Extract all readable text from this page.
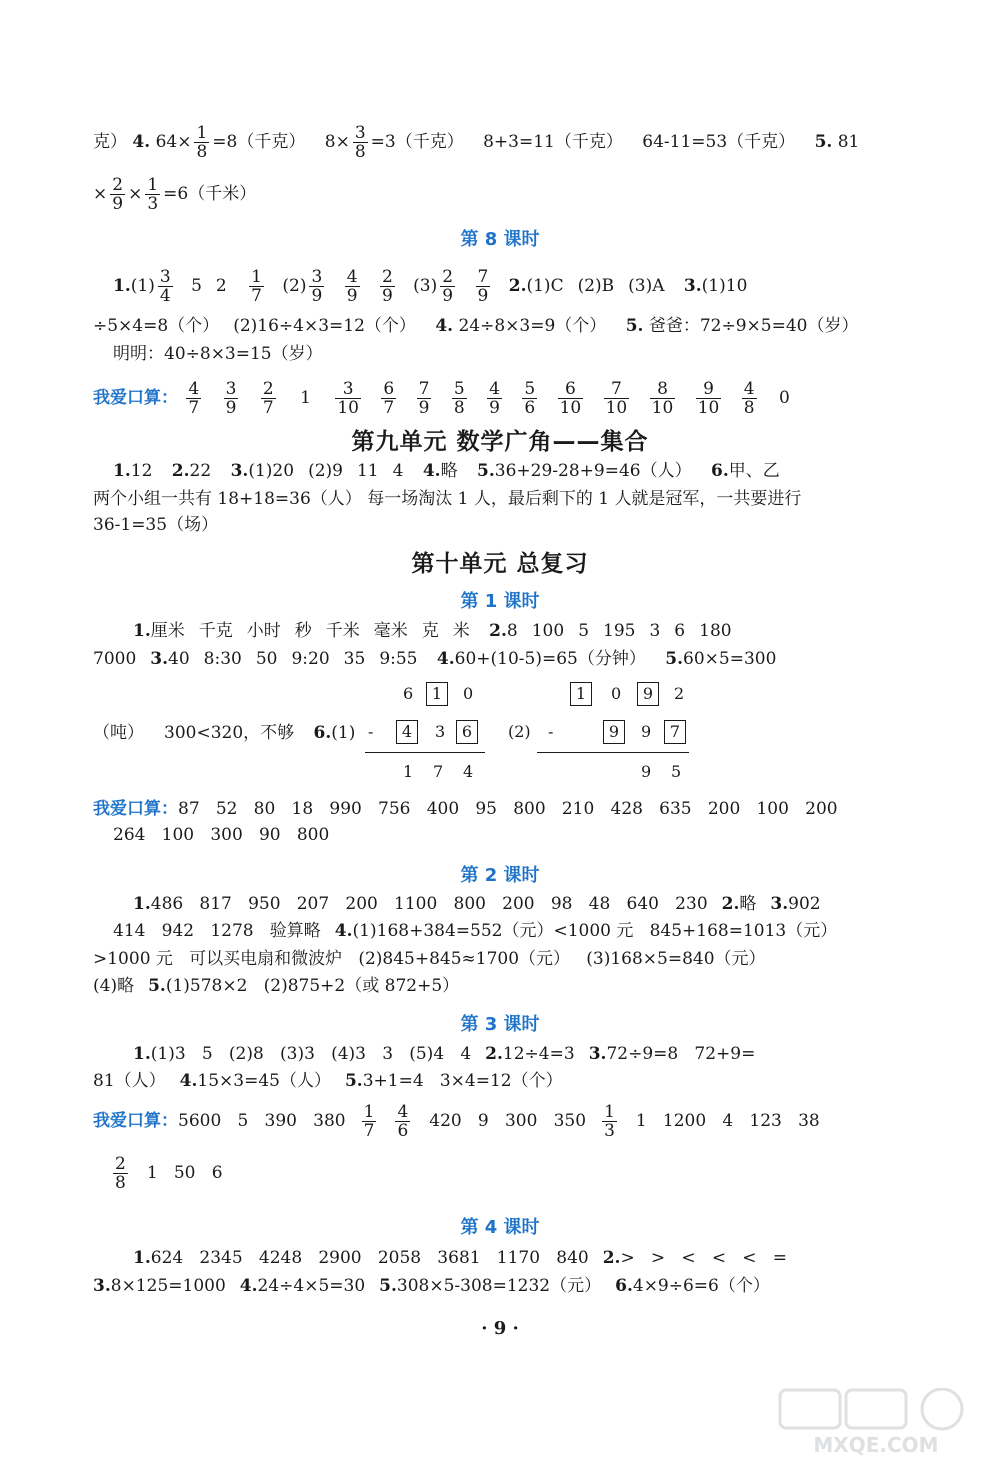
克） 4. $64\times \frac{1}{8} =8$（千克） $8\times \frac{3}{8} =3$（千克） 8+3=11（千克） 64-11=53（千克） 5. 81
× $\frac{2}{9} \times \frac{1}{3} =6$（千米）
第 8 课时
$1.(1) \frac{3}{4} 5$ $2 \frac{1}{7} (2) \frac{3}{9}$
$\frac{4}{9}$
$\frac{2}{9} (3) \frac{2}{9}$
$\frac{7}{9} 2.(1)C$ (2)B (3)A 3.(1)10
÷5×4=8（个） (2)16÷4×3=12（个） 4. 24÷8×3=9（个） 5. 爸爸：72÷9×5=40（岁）
明明：40÷8×3=15（岁）
我爱口算： $\frac{4}{7}$
$\frac{3}{9}$
$\frac{2}{7} 1 \frac{3}{10}$
$\frac{6}{7}$
$\frac{7}{9}$
$\frac{5}{8}$
$\frac{4}{9}$
$\frac{5}{6}$
$\frac{6}{10}$
$\frac{7}{10}$
$\frac{8}{10}$
$\frac{9}{10}$
$\frac{4}{8} 0$
第九单元 数学广角——集合
1.12 2.22 3.(1)20 (2)9 11 4 4.略 5.36+29-28+9=46（人） 6.甲、乙
两个小组一共有 18+18=36（人） 每一场淘汰 1 人，最后剩下的 1 人就是冠军，一共要进行
36-1=35（场）
第十单元 总复习
第 1 课时
1.厘米 千克 小时 秒 千米 毫米 克 米 2.8 100 5 195 3 6 180
7000 3.40 8:30 50 9:20 35 9:55 4.60+(10-5)=65（分钟） 5.60×5=300
6	1	0
（吨） 300<320，不够 6.(1) -	4	3	6
1 7 4
(2)
1	0	9	2
-	9	9	7
9 5
我爱口算：87   52   80   18   990   756   400   95   800   210   428   635   200   100   200
264   100   300   90   800
第 2 课时
1.486   817   950   207   200   1100   800   200   98   48   640   230 2.略 3.902
414   942   1278   验算略 4.(1)168+384=552（元）<1000 元   845+168=1013（元）
>1000 元   可以买电扇和微波炉   (2)845+845≈1700（元）   (3)168×5=840（元）
(4)略 5.(1)578×2   (2)875+2（或 872+5）
第 3 课时
1.(1)3   5   (2)8   (3)3   (4)3   3   (5)4   4 2.12÷4=3 3.72÷9=8   72+9=
81（人） 4.15×3=45（人） 5.3+1=4   3×4=12（个）
我爱口算：5600   5   390   $380 \frac{1}{7} \frac{4}{6} 420$   9   300   $350 \frac{1}{3} 1$   1200   4   123   38
$\frac{2}{8} 1$   50   6
第 4 课时
1.624   2345   4248   2900   2058   3681   1170   840 2.>   >   <   <   <   =
3.8×125=1000 4.24÷4×5=30 5.308×5-308=1232（元） 6.4×9÷6=6（个）
· 9 ·
MXQE.COM
